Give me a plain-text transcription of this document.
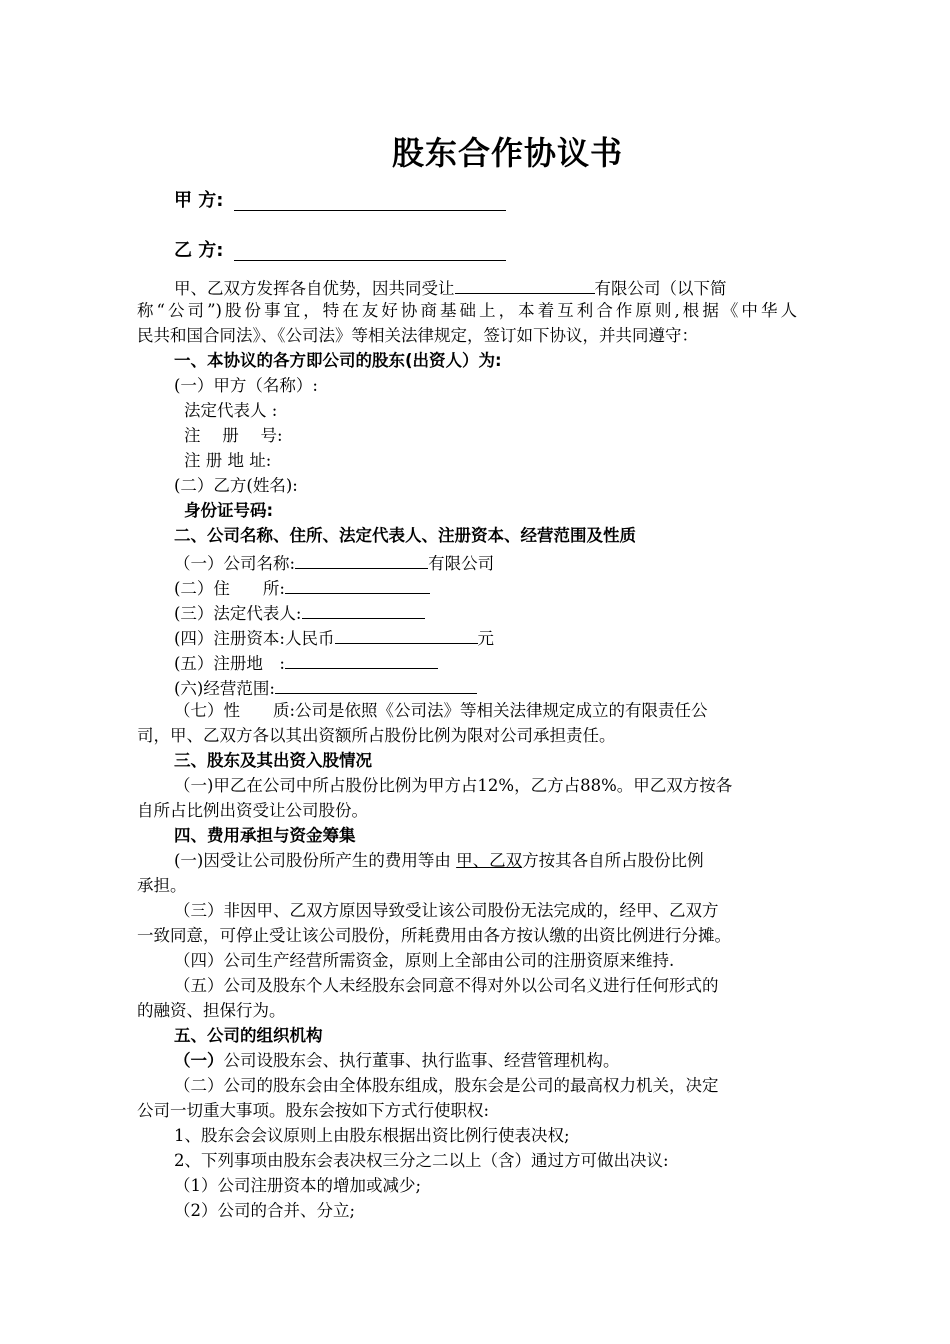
股东合作协议书
甲 方:
乙 方:
甲、乙双方发挥各自优势，因共同受让	有限公司（以下简
称“公司”)股份事宜，特在友好协商基础上，本着互利合作原则,根据《中华人
民共和国合同法》、《公司法》等相关法律规定，签订如下协议，并共同遵守：
一、本协议的各方即公司的股东(出资人）为:
(一）甲方（名称）:
法定代表人 :
注　 册　 号:
注 册 地 址:
(二）乙方(姓名):
身份证号码:
二、公司名称、住所、法定代表人、注册资本、经营范围及性质
（一）公司名称:	有限公司
(二）住　　所:
(三）法定代表人:
(四）注册资本:人民币	元
(五）注册地　:
(六)经营范围:
（七）性　　质:公司是依照《公司法》等相关法律规定成立的有限责任公
司，甲、乙双方各以其出资额所占股份比例为限对公司承担责任。
三、股东及其出资入股情况
（一)甲乙在公司中所占股份比例为甲方占12%，乙方占88%。甲乙双方按各
自所占比例出资受让公司股份。
四、费用承担与资金筹集
(一)因受让公司股份所产生的费用等由 甲、乙双方按其各自所占股份比例
承担。
（三）非因甲、乙双方原因导致受让该公司股份无法完成的，经甲、乙双方
一致同意，可停止受让该公司股份，所耗费用由各方按认缴的出资比例进行分摊。
（四）公司生产经营所需资金，原则上全部由公司的注册资原来维持.
（五）公司及股东个人未经股东会同意不得对外以公司名义进行任何形式的
的融资、担保行为。
五、公司的组织机构
（一）公司设股东会、执行董事、执行监事、经营管理机构。
（二）公司的股东会由全体股东组成，股东会是公司的最高权力机关，决定
公司一切重大事项。股东会按如下方式行使职权:
1、股东会会议原则上由股东根据出资比例行使表决权;
2、下列事项由股东会表决权三分之二以上（含）通过方可做出决议:
（1）公司注册资本的增加或减少;
（2）公司的合并、分立;
